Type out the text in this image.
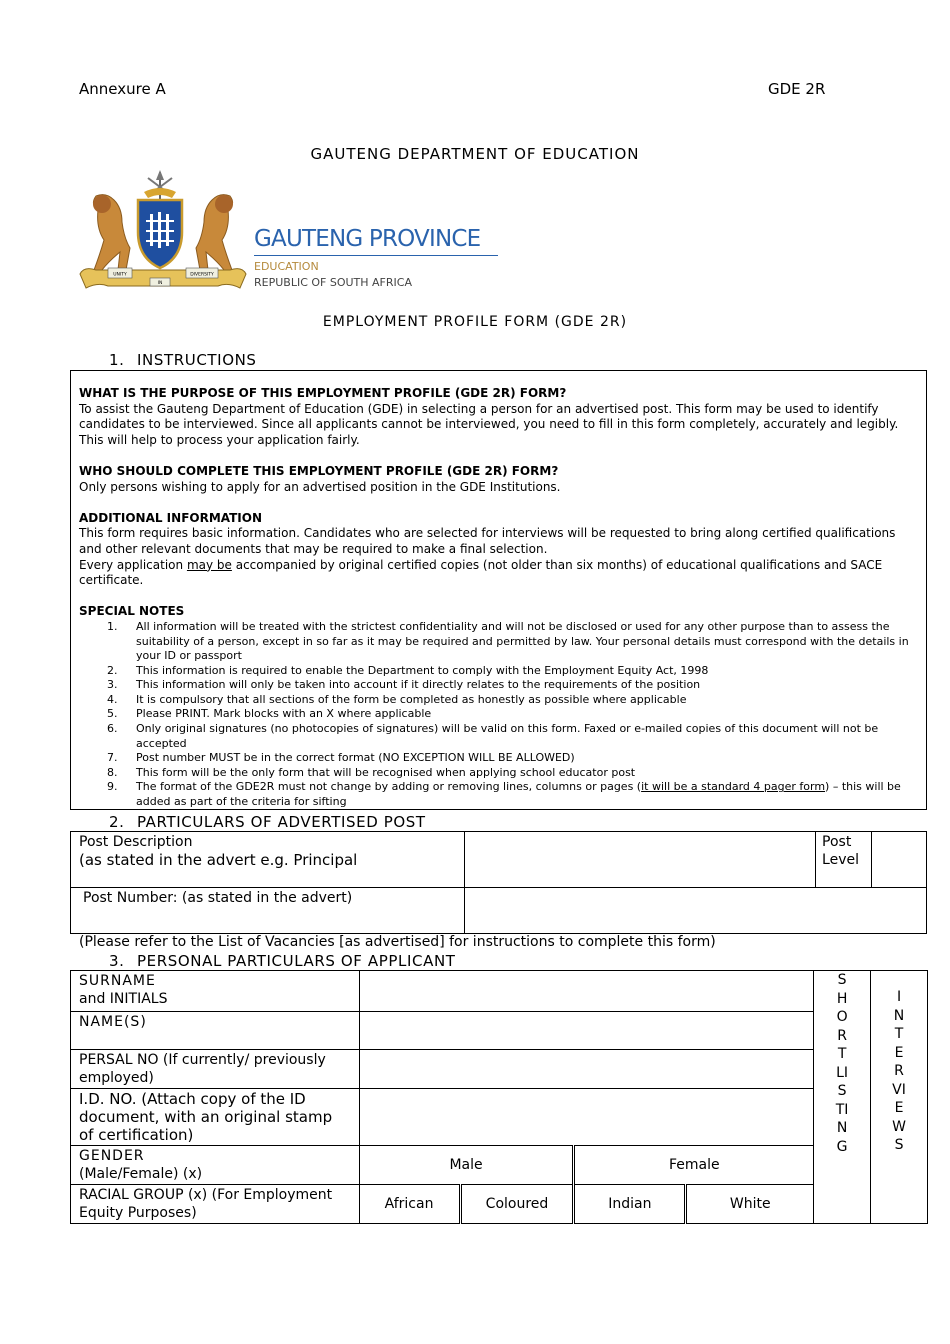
Annexure A	GDE 2R
GAUTENG DEPARTMENT OF EDUCATION
UNITY
IN
DIVERSITY
GAUTENG PROVINCE
EDUCATION
REPUBLIC OF SOUTH AFRICA
EMPLOYMENT PROFILE FORM (GDE 2R)
1. INSTRUCTIONS
WHAT IS THE PURPOSE OF THIS EMPLOYMENT PROFILE (GDE 2R) FORM?

To assist the Gauteng Department of Education (GDE) in selecting a person for an advertised post. This form may be used to identify candidates to be interviewed. Since all applicants cannot be interviewed, you need to fill in this form completely, accurately and legibly. This will help to process your application fairly.

WHO SHOULD COMPLETE THIS EMPLOYMENT PROFILE (GDE 2R) FORM?

Only persons wishing to apply for an advertised position in the GDE Institutions.

ADDITIONAL INFORMATION

This form requires basic information. Candidates who are selected for interviews will be requested to bring along certified qualifications and other relevant documents that may be required to make a final selection.

Every application may be accompanied by original certified copies (not older than six months) of educational qualifications and SACE certificate.

SPECIAL NOTES
1. All information will be treated with the strictest confidentiality and will not be disclosed or used for any other purpose than to assess the suitability of a person, except in so far as it may be required and permitted by law. Your personal details must correspond with the details in your ID or passport
2. This information is required to enable the Department to comply with the Employment Equity Act, 1998
3. This information will only be taken into account if it directly relates to the requirements of the position
4. It is compulsory that all sections of the form be completed as honestly as possible where applicable
5. Please PRINT. Mark blocks with an X where applicable
6. Only original signatures (no photocopies of signatures) will be valid on this form. Faxed or e-mailed copies of this document will not be accepted
7. Post number MUST be in the correct format (NO EXCEPTION WILL BE ALLOWED)
8. This form will be the only form that will be recognised when applying school educator post
9. The format of the GDE2R must not change by adding or removing lines, columns or pages (it will be a standard 4 pager form) – this will be added as part of the criteria for sifting
2. PARTICULARS OF ADVERTISED POST
Post Description
(as stated in the advert e.g. Principal		Post
Level	
Post Number: (as stated in the advert)			
(Please refer to the List of Vacancies [as advertised] for instructions to complete this form)
3. PERSONAL PARTICULARS OF APPLICANT
SURNAME
and INITIALS					SHORTLISTING	INTERVIEWS

NAME(S)						
PERSAL NO (If currently/ previously employed)						
I.D. NO. (Attach copy of the ID document, with an original stamp of certification)						
GENDER
(Male/Female) (x)	Male		Female			
RACIAL GROUP (x) (For Employment Equity Purposes)	African	Coloured	Indian	White		
